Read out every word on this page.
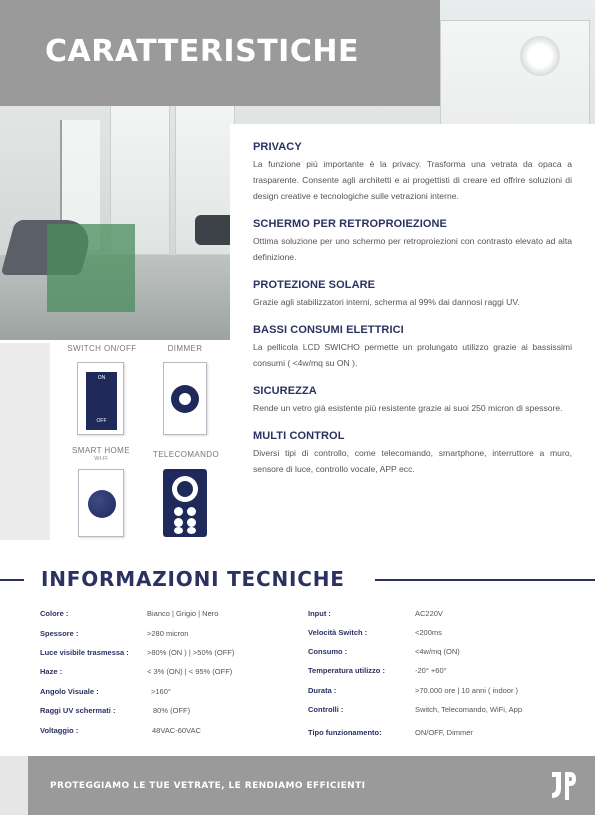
CARATTERISTICHE
PRIVACY

La funzione più importante è la privacy. Trasforma una vetrata da opaca a trasparente. Consente agli architetti e ai progettisti di creare ed offrire soluzioni di design creative e tecnologiche sulle vetrazioni interne.

SCHERMO PER RETROPROIEZIONE

Ottima soluzione per uno schermo per retroproiezioni con contrasto elevato ad alta definizione.

PROTEZIONE SOLARE

Grazie agli stabilizzatori interni, scherma al 99% dai dannosi raggi UV.

BASSI CONSUMI ELETTRICI

La pellicola LCD SWICHO permette un prolungato utilizzo grazie ai bassissimi consumi ( <4w/mq su ON ).

SICUREZZA

Rende un vetro già esistente più resistente grazie ai suoi 250 micron di spessore.

MULTI CONTROL

Diversi tipi di controllo, come telecomando, smartphone, interruttore a muro, sensore di luce, controllo vocale, APP ecc.

SWITCH ON/OFF	DIMMER
ON
OFF
SMART HOME
WI-FI	TELECOMANDO
INFORMAZIONI TECNICHE
Colore :	Bianco | Grigio | Nero
Spessore :	>280 micron
Luce visibile trasmessa : >80% (ON ) | >50% (OFF)
Haze :	< 3% (ON) | < 95% (OFF)
Angolo Visuale :	>160°
Raggi UV schermati :	80% (OFF)
Voltaggio :	48VAC-60VAC
Input :	AC220V
Velocità Switch :	<200ms
Consumo :	<4w/mq (ON)
Temperatura utilizzo :	-20° +60°
Durata :	>70.000 ore | 10 anni ( indoor )
Controlli :	Switch, Telecomando, WiFi, App
Tipo funzionamento:	ON/OFF, Dimmer
PROTEGGIAMO LE TUE VETRATE, LE RENDIAMO EFFICIENTI
